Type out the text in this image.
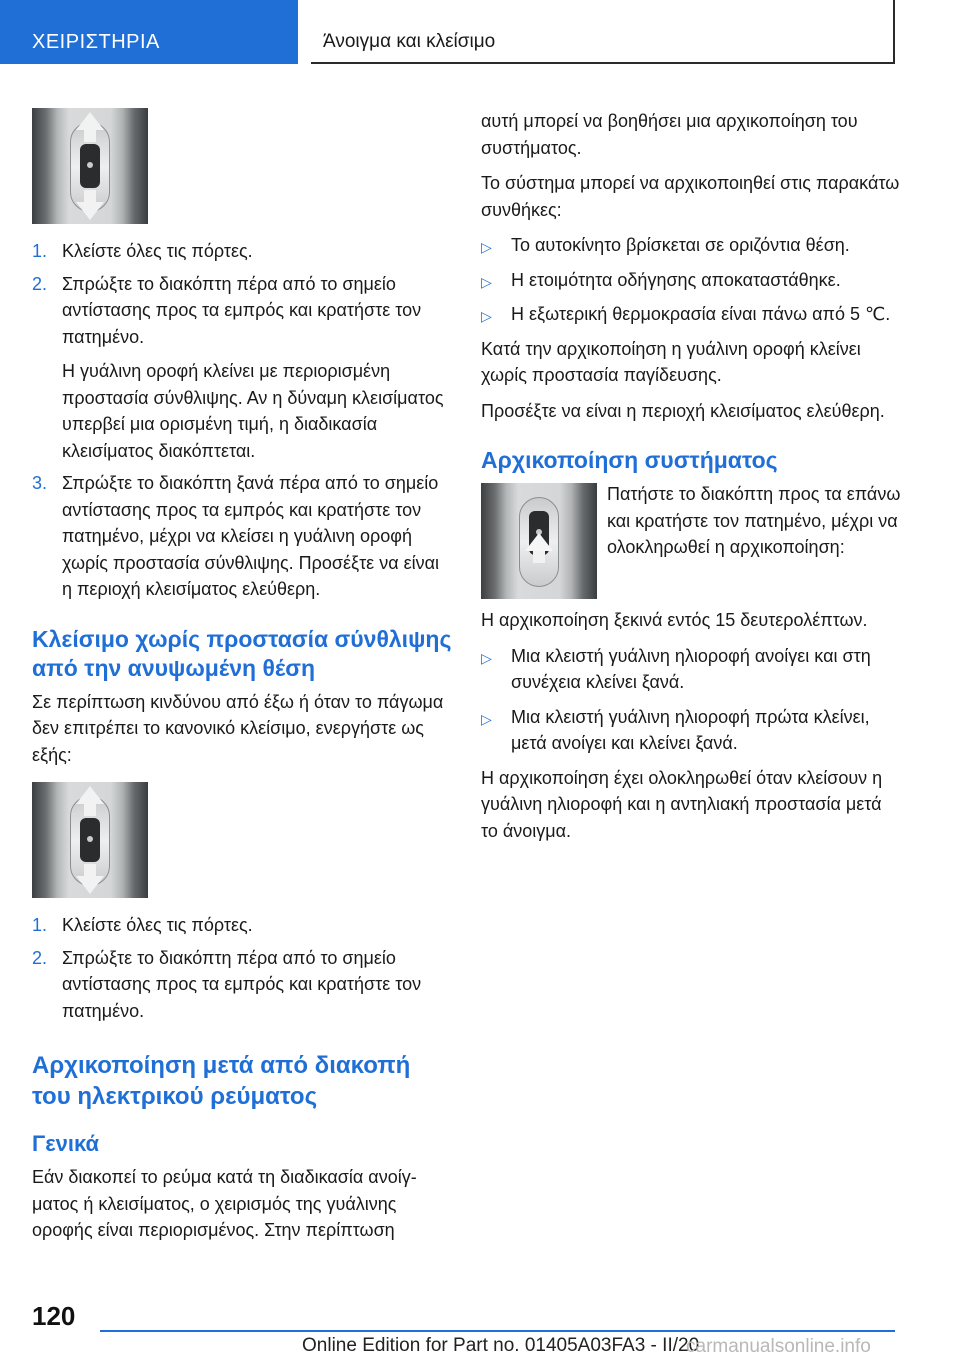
ΧΕΙΡΙΣΤΗΡΙΑ	Άνοιγμα και κλείσιμο
1. Κλείστε όλες τις πόρτες.
2. Σπρώξτε το διακόπτη πέρα από το σημείο αντίστασης προς τα εμπρός και κρατήστε τον πατημένο.
Η γυάλινη οροφή κλείνει με περιορισμένη προστασία σύνθλιψης. Αν η δύναμη κλεισίματος υπερβεί μια ορισμένη τιμή, η διαδικασία κλεισίματος διακόπτεται.
3. Σπρώξτε το διακόπτη ξανά πέρα από το σημείο αντίστασης προς τα εμπρός και κρατήστε τον πατημένο, μέχρι να κλείσει η γυάλινη οροφή χωρίς προστασία σύνθλιψης. Προσέξτε να είναι η περιοχή κλεισίματος ελεύθερη.
Κλείσιμο χωρίς προστασία σύνθλιψης από την ανυψωμένη θέση

Σε περίπτωση κινδύνου από έξω ή όταν το πάγωμα δεν επιτρέπει το κανονικό κλείσιμο, ενεργήστε ως εξής:

1. Κλείστε όλες τις πόρτες.
2. Σπρώξτε το διακόπτη πέρα από το σημείο αντίστασης προς τα εμπρός και κρατήστε τον πατημένο.
Αρχικοποίηση μετά από διακοπή του ηλεκτρικού ρεύματος
Γενικά

Εάν διακοπεί το ρεύμα κατά τη διαδικασία ανοίγματος ή κλεισίματος, ο χειρισμός της γυάλινης οροφής είναι περιορισμένος. Στην περίπτωση

αυτή μπορεί να βοηθήσει μια αρχικοποίηση του συστήματος.

Το σύστημα μπορεί να αρχικοποιηθεί στις παρακάτω συνθήκες:

▷ Το αυτοκίνητο βρίσκεται σε οριζόντια θέση.
▷ Η ετοιμότητα οδήγησης αποκαταστάθηκε.
▷ Η εξωτερική θερμοκρασία είναι πάνω από 5 ℃.

Κατά την αρχικοποίηση η γυάλινη οροφή κλείνει χωρίς προστασία παγίδευσης.

Προσέξτε να είναι η περιοχή κλεισίματος ελεύθερη.

Αρχικοποίηση συστήματος

Πατήστε το διακόπτη προς τα επάνω και κρατήστε τον πατημένο, μέχρι να ολοκληρωθεί η αρχικοποίηση:

Η αρχικοποίηση ξεκινά εντός 15 δευτερολέπτων.

▷ Μια κλειστή γυάλινη ηλιοροφή ανοίγει και στη συνέχεια κλείνει ξανά.
▷ Μια κλειστή γυάλινη ηλιοροφή πρώτα κλείνει, μετά ανοίγει και κλείνει ξανά.

Η αρχικοποίηση έχει ολοκληρωθεί όταν κλείσουν η γυάλινη ηλιοροφή και η αντηλιακή προστασία μετά το άνοιγμα.

120
Online Edition for Part no. 01405A03FA3 - II/20
carmanualsonline.info
